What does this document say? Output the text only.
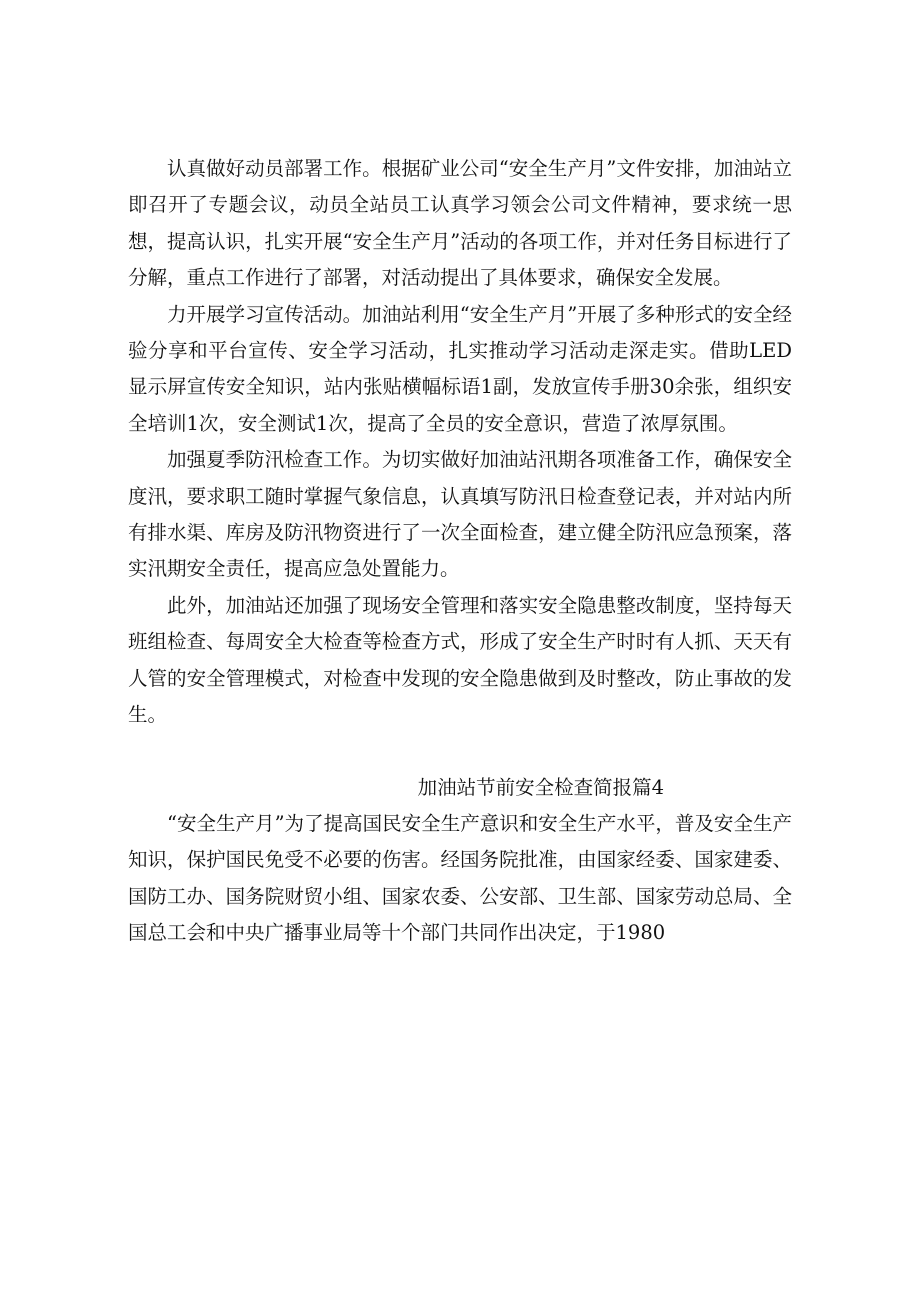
认真做好动员部署工作。根据矿业公司“安全生产月”文件安排，加油站立即召开了专题会议，动员全站员工认真学习领会公司文件精神，要求统一思想，提高认识，扎实开展“安全生产月”活动的各项工作，并对任务目标进行了分解，重点工作进行了部署，对活动提出了具体要求，确保安全发展。

力开展学习宣传活动。加油站利用“安全生产月”开展了多种形式的安全经验分享和平台宣传、安全学习活动，扎实推动学习活动走深走实。借助LED显示屏宣传安全知识，站内张贴横幅标语1副，发放宣传手册30余张，组织安全培训1次，安全测试1次，提高了全员的安全意识，营造了浓厚氛围。

加强夏季防汛检查工作。为切实做好加油站汛期各项准备工作，确保安全度汛，要求职工随时掌握气象信息，认真填写防汛日检查登记表，并对站内所有排水渠、库房及防汛物资进行了一次全面检查，建立健全防汛应急预案，落实汛期安全责任，提高应急处置能力。

此外，加油站还加强了现场安全管理和落实安全隐患整改制度，坚持每天班组检查、每周安全大检查等检查方式，形成了安全生产时时有人抓、天天有人管的安全管理模式，对检查中发现的安全隐患做到及时整改，防止事故的发生。

加油站节前安全检查简报篇4

“安全生产月”为了提高国民安全生产意识和安全生产水平，普及安全生产知识，保护国民免受不必要的伤害。经国务院批准，由国家经委、国家建委、国防工办、国务院财贸小组、国家农委、公安部、卫生部、国家劳动总局、全国总工会和中央广播事业局等十个部门共同作出决定，于1980
